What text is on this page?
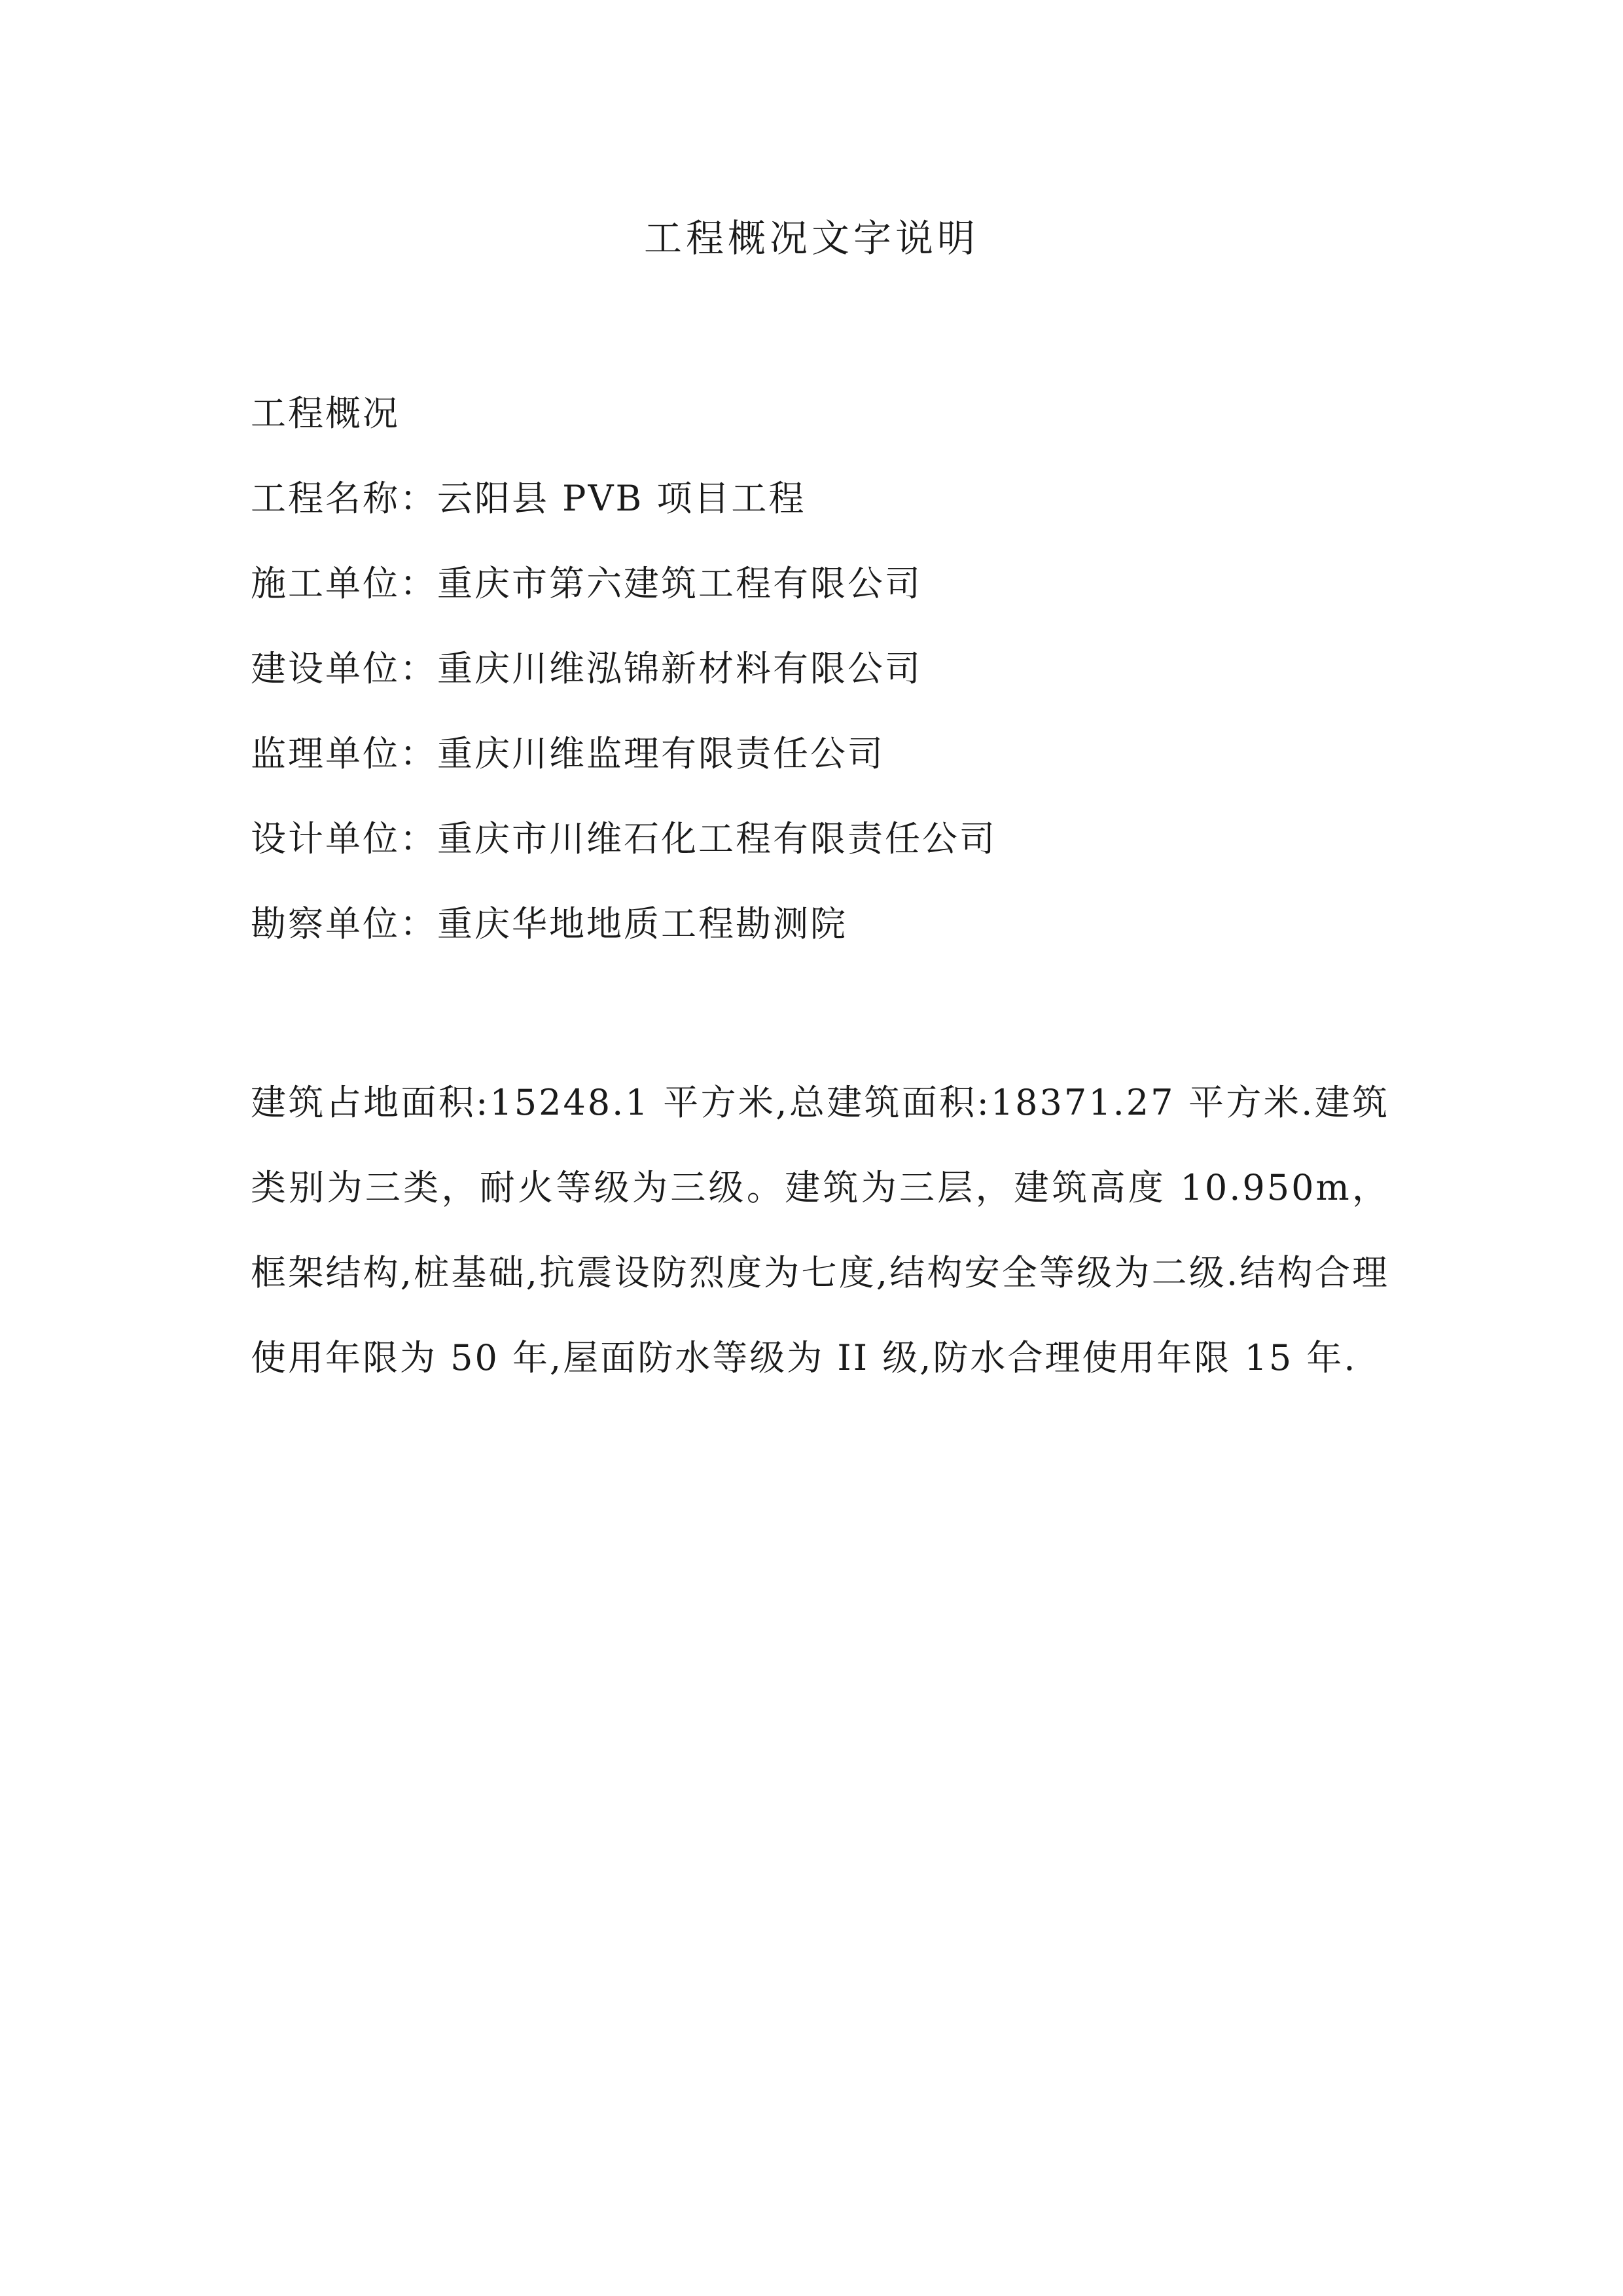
工程概况文字说明
工程概况
工程名称：云阳县 PVB 项目工程
施工单位：重庆市第六建筑工程有限公司
建设单位：重庆川维泓锦新材料有限公司
监理单位：重庆川维监理有限责任公司
设计单位：重庆市川维石化工程有限责任公司
勘察单位：重庆华地地质工程勘测院

建筑占地面积:15248.1 平方米,总建筑面积:18371.27 平方米.建筑类别为三类，耐火等级为三级。建筑为三层，建筑高度 10.950m，框架结构,桩基础,抗震设防烈度为七度,结构安全等级为二级.结构合理使用年限为 50 年,屋面防水等级为 II 级,防水合理使用年限 15 年.
